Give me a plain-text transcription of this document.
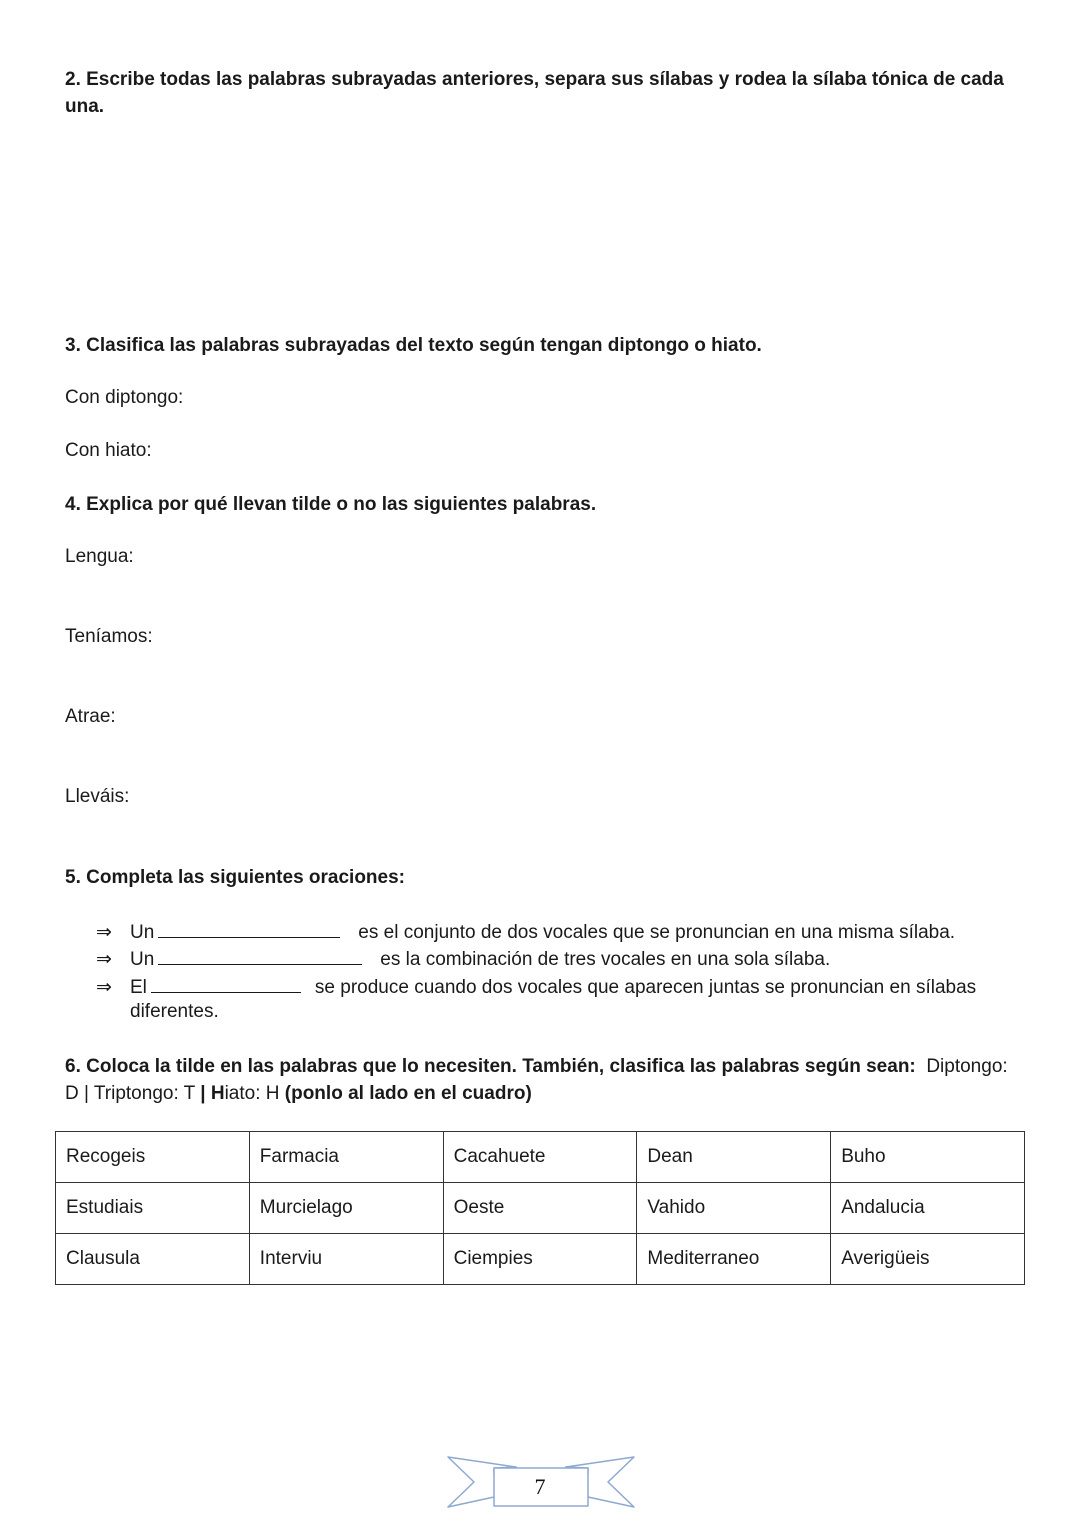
2. Escribe todas las palabras subrayadas anteriores, separa sus sílabas y rodea la sílaba tónica de cada una.
3. Clasifica las palabras subrayadas del texto según tengan diptongo o hiato.
Con diptongo:
Con hiato:
4. Explica por qué llevan tilde o no las siguientes palabras.
Lengua:
Teníamos:
Atrae:
Lleváis:
5. Completa las siguientes oraciones:
⇒ Un	es el conjunto de dos vocales que se pronuncian en una misma sílaba.
⇒ Un	es la combinación de tres vocales en una sola sílaba.
⇒ El	se produce cuando dos vocales que aparecen juntas se pronuncian en sílabas
diferentes.
6. Coloca la tilde en las palabras que lo necesiten. También, clasifica las palabras según sean: Diptongo:
D | Triptongo: T | Hiato: H (ponlo al lado en el cuadro)
Recogeis	Farmacia	Cacahuete	Dean	Buho
Estudiais	Murcielago	Oeste	Vahido	Andalucia
Clausula	Interviu	Ciempies	Mediterraneo	Averigüeis
7
